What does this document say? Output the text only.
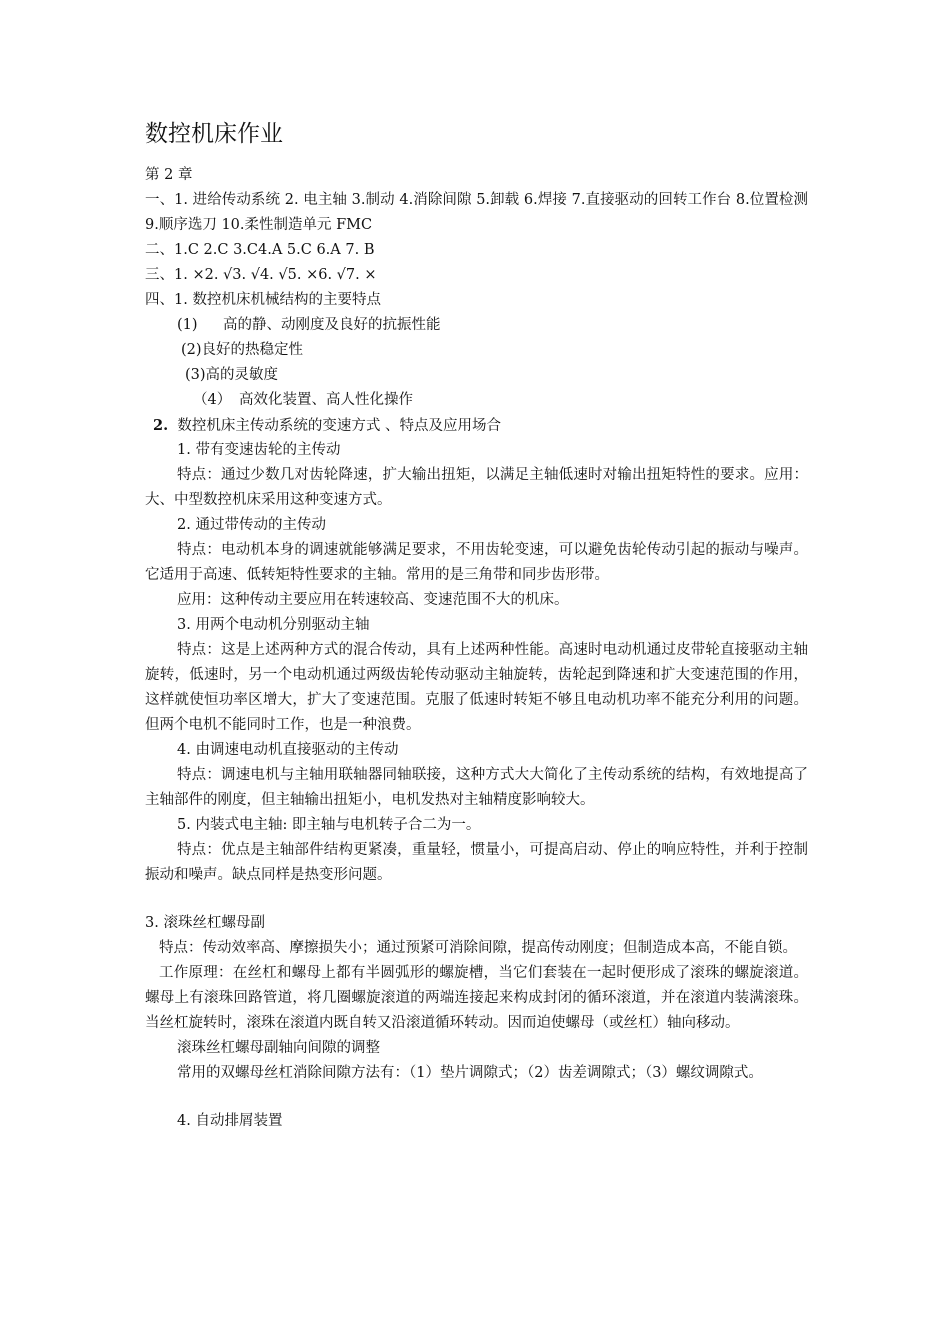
数控机床作业
第 2 章
一、1. 进给传动系统 2. 电主轴 3.制动 4.消除间隙 5.卸载 6.焊接 7.直接驱动的回转工作台 8.位置检测 9.顺序选刀 10.柔性制造单元 FMC
二、1.C 2.C 3.C4.A 5.C 6.A 7. B
三、1. ×2. √3. √4. √5. ×6. √7. ×
四、1. 数控机床机械结构的主要特点
(1) 高的静、动刚度及良好的抗振性能
(2)良好的热稳定性
(3)高的灵敏度
（4） 高效化装置、高人性化操作
2. 数控机床主传动系统的变速方式 、特点及应用场合
1. 带有变速齿轮的主传动
特点：通过少数几对齿轮降速，扩大输出扭矩，以满足主轴低速时对输出扭矩特性的要求。应用：大、中型数控机床采用这种变速方式。
2. 通过带传动的主传动
特点：电动机本身的调速就能够满足要求，不用齿轮变速，可以避免齿轮传动引起的振动与噪声。它适用于高速、低转矩特性要求的主轴。常用的是三角带和同步齿形带。
应用：这种传动主要应用在转速较高、变速范围不大的机床。
3. 用两个电动机分别驱动主轴
特点：这是上述两种方式的混合传动，具有上述两种性能。高速时电动机通过皮带轮直接驱动主轴旋转，低速时，另一个电动机通过两级齿轮传动驱动主轴旋转，齿轮起到降速和扩大变速范围的作用，这样就使恒功率区增大，扩大了变速范围。克服了低速时转矩不够且电动机功率不能充分利用的问题。但两个电机不能同时工作，也是一种浪费。
4. 由调速电动机直接驱动的主传动
特点：调速电机与主轴用联轴器同轴联接，这种方式大大简化了主传动系统的结构，有效地提高了主轴部件的刚度，但主轴输出扭矩小，电机发热对主轴精度影响较大。
5. 内装式电主轴: 即主轴与电机转子合二为一。
特点：优点是主轴部件结构更紧凑，重量轻，惯量小，可提高启动、停止的响应特性，并利于控制振动和噪声。缺点同样是热变形问题。
3. 滚珠丝杠螺母副
特点：传动效率高、摩擦损失小；通过预紧可消除间隙，提高传动刚度；但制造成本高，不能自锁。
工作原理：在丝杠和螺母上都有半圆弧形的螺旋槽，当它们套装在一起时便形成了滚珠的螺旋滚道。螺母上有滚珠回路管道，将几圈螺旋滚道的两端连接起来构成封闭的循环滚道，并在滚道内装满滚珠。当丝杠旋转时，滚珠在滚道内既自转又沿滚道循环转动。因而迫使螺母（或丝杠）轴向移动。
滚珠丝杠螺母副轴向间隙的调整
常用的双螺母丝杠消除间隙方法有：（1）垫片调隙式；（2）齿差调隙式；（3）螺纹调隙式。
4. 自动排屑装置
